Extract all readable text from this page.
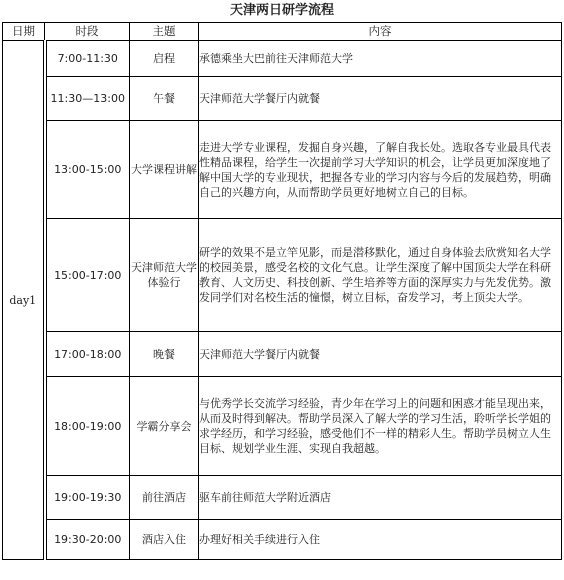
天津两日研学流程
日期	时段	主题	内容
day1	7:00-11:30	启程	承德乘坐大巴前往天津师范大学
	11:30—13:00	午餐	天津师范大学餐厅内就餐
	13:00-15:00	大学课程讲解	走进大学专业课程，发掘自身兴趣，了解自我长处。选取各专业最具代表性精品课程，给学生一次提前学习大学知识的机会，让学员更加深度地了解中国大学的专业现状，把握各专业的学习内容与今后的发展趋势，明确自己的兴趣方向，从而帮助学员更好地树立自己的目标。
	15:00-17:00	天津师范大学体验行	研学的效果不是立竿见影，而是潜移默化，通过自身体验去欣赏知名大学的校园美景，感受名校的文化气息。让学生深度了解中国顶尖大学在科研教育、人文历史、科技创新、学生培养等方面的深厚实力与先发优势。激发同学们对名校生活的憧憬，树立目标，奋发学习，考上顶尖大学。
	17:00-18:00	晚餐	天津师范大学餐厅内就餐
	18:00-19:00	学霸分享会	与优秀学长交流学习经验，青少年在学习上的问题和困惑才能呈现出来，从而及时得到解决。帮助学员深入了解大学的学习生活，聆听学长学姐的求学经历，和学习经验，感受他们不一样的精彩人生。帮助学员树立人生目标、规划学业生涯、实现自我超越。
	19:00-19:30	前往酒店	驱车前往师范大学附近酒店
	19:30-20:00	酒店入住	办理好相关手续进行入住
